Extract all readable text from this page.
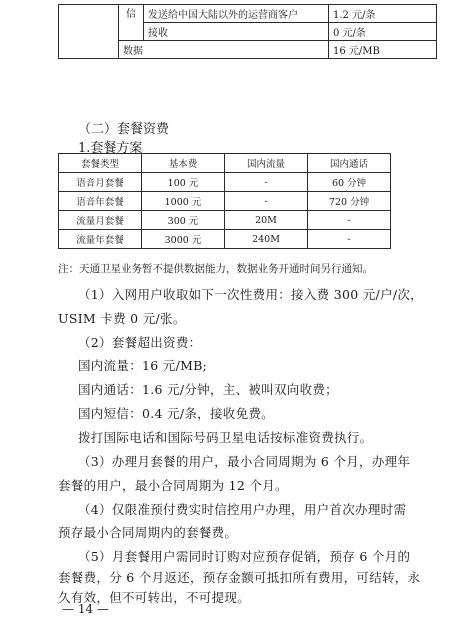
	信	发送给中国大陆以外的运营商客户	1.2 元/条
		接收	0 元/条
	数据		16 元/MB
（二）套餐资费
1.套餐方案
套餐类型	基本费	国内流量	国内通话
语音月套餐	100 元	-	60 分钟
语音年套餐	1000 元	-	720 分钟
流量月套餐	300 元	20M	-
流量年套餐	3000 元	240M	-
注：天通卫星业务暂不提供数据能力，数据业务开通时间另行通知。
（1）入网用户收取如下一次性费用：接入费 300 元/户/次，
USIM 卡费 0 元/张。
（2）套餐超出资费：
国内流量：16 元/MB;
国内通话：1.6 元/分钟，主、被叫双向收费；
国内短信：0.4 元/条，接收免费。
拨打国际电话和国际号码卫星电话按标准资费执行。
（3）办理月套餐的用户，最小合同周期为 6 个月，办理年
套餐的用户，最小合同周期为 12 个月。
（4）仅限准预付费实时信控用户办理，用户首次办理时需
预存最小合同周期内的套餐费。
（5）月套餐用户需同时订购对应预存促销，预存 6 个月的
套餐费，分 6 个月返还，预存金额可抵扣所有费用，可结转，永
久有效，但不可转出，不可提现。
— 14 —
